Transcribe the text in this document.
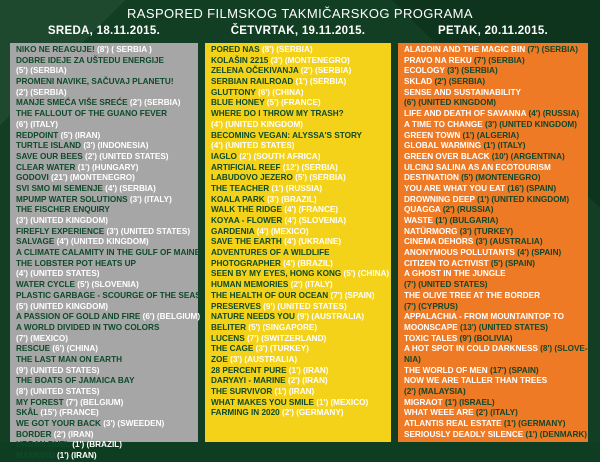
RASPORED FILMSKOG TAKMIČARSKOG PROGRAMA
SREDA, 18.11.2015.
NIKO NE REAGUJE! (8') ( SERBIA )
DOBRE IDEJE ZA UŠTEDU ENERGIJE
(5') (SERBIA)
PROMENI NAVIKE, SAČUVAJ PLANETU!
(2') (SERBIA)
MANJE SMEĆA VIŠE SREĆE (2') (SERBIA)
THE FALLOUT OF THE GUANO FEVER
(6') (ITALY)
REDPOINT (5') (IRAN)
TURTLE ISLAND (3') (INDONESIA)
SAVE OUR BEES (2') (UNITED STATES)
CLEAR WATER (1') (HUNGARY)
GODOVI (21') (MONTENEGRO)
SVI SMO MI SEMENJE (4') (SERBIA)
MPUMP WATER SOLUTIONS (3') (ITALY)
THE FISCHER ENQUIRY
(3') (UNITED KINGDOM)
FIREFLY EXPERIENCE (3') (UNITED STATES)
SALVAGE (4') (UNITED KINGDOM)
A CLIMATE CALAMITY IN THE GULF OF MAINE:
THE LOBSTER POT HEATS UP
(4') (UNITED STATES)
WATER CYCLE (5') (SLOVENIA)
PLASTIC GARBAGE - SCOURGE OF THE SEAS
(5') (UNITED KINGDOM)
A PASSION OF GOLD AND FIRE (6') (BELGIUM)
A WORLD DIVIDED IN TWO COLORS
(7') (MEXICO)
RESCUE (6') (CHINA)
THE LAST MAN ON EARTH
(9') (UNITED STATES)
THE BOATS OF JAMAICA BAY
(8') (UNITED STATES)
MY FOREST (7') (BELGIUM)
SKÅL (15') (FRANCE)
WE GOT YOUR BACK (3') (SWEEDEN)
BORDER (2') (IRAN)
URBAN DUEL (1') (BRAZIL)
MANKIND (1') (IRAN)
ČETVRTAK, 19.11.2015.
PORED NAS (8') (SERBIA)
KOLAŠIN 2215 (3') (MONTENEGRO)
ZELENA OČEKIVANJA (2') (SERBIA)
SERBIAN RAILROAD (1') (SERBIA)
GLUTTONY (6') (CHINA)
BLUE HONEY (5') (FRANCE)
WHERE DO I THROW MY TRASH?
(4') (UNITED KINGDOM)
BECOMING VEGAN: ALYSSA'S STORY
(4') (UNITED STATES)
IAGLO (2') (SOUTH AFRICA)
ARTIFICIAL REEF (12') (SERBIA)
LABUDOVO JEZERO (5') (SERBIA)
THE TEACHER (1') (RUSSIA)
KOALA PARK (3') (BRAZIL)
WALK THE RIDGE (4') (FRANCE)
KOYAA - FLOWER (4') (SLOVENIA)
GARDENIA (4') (MEXICO)
SAVE THE EARTH (4') (UKRAINE)
ADVENTURES OF A WILDLIFE
PHOTOGRAPHER (4') (BRAZIL)
SEEN BY MY EYES, HONG KONG (5') (CHINA)
HUMAN MEMORIES (2') (ITALY)
THE HEALTH OF OUR OCEAN (7') (SPAIN)
PRESERVES (9') (UNITED STATES)
NATURE NEEDS YOU (9') (AUSTRALIA)
BELITER (5') (SINGAPORE)
LUCENS (7') (SWITZERLAND)
THE CAGE (3') (TURKEY)
ZOE (3') (AUSTRALIA)
28 PERCENT PURE (1') (IRAN)
DARYAYI - MARINE (2') (IRAN)
THE SURVIVOR (1') (IRAN)
WHAT MAKES YOU SMILE (1') (MEXICO)
FARMING IN 2020 (2') (GERMANY)
PETAK, 20.11.2015.
ALADDIN AND THE MAGIC BIN (7') (SERBIA)
PRAVO NA REKU (7') (SERBIA)
ECOLOGY (3') (SERBIA)
SKLAD (2') (SERBIA)
SENSE AND SUSTAINABILITY
(6') (UNITED KINGDOM)
LIFE AND DEATH OF SAVANNA (4') (RUSSIA)
A TIME TO CHANGE (3') (UNITED KINGDOM)
GREEN TOWN (1') (ALGERIA)
GLOBAL WARMING (1') (ITALY)
GREEN OVER BLACK (10') (ARGENTINA)
ULCINJ SALINA AS AN ECOTOURISM
DESTINATION (5') (MONTENEGRO)
YOU ARE WHAT YOU EAT (16') (SPAIN)
DROWNING DEEP (1') (UNITED KINGDOM)
QUAGGA (2') (RUSSIA)
WASTE (1') (BULGARIA)
NATÜRMORG (3') (TURKEY)
CINEMA DEHORS (3') (AUSTRALIA)
ANONYMOUS POLLUTANTS (4') (SPAIN)
CITIZEN TO ACTIVIST (5') (SPAIN)
A GHOST IN THE JUNGLE
(7') (UNITED STATES)
THE OLIVE TREE AT THE BORDER
(7') (CYPRUS)
APPALACHIA - FROM MOUNTAINTOP TO
MOONSCAPE (13') (UNITED STATES)
TOXIC TALES (9') (BOLIVIA)
A HOT SPOT IN COLD DARKNESS (8') (SLOVE-
NIA)
THE WORLD OF MEN (17') (SPAIN)
NOW WE ARE TALLER THAN TREES
(2') (MALAYSIA)
MIGRAOT (1') (ISRAEL)
WHAT WEEE ARE (2') (ITALY)
ATLANTIS REAL ESTATE (1') (GERMANY)
SERIOUSLY DEADLY SILENCE (1') (DENMARK)
